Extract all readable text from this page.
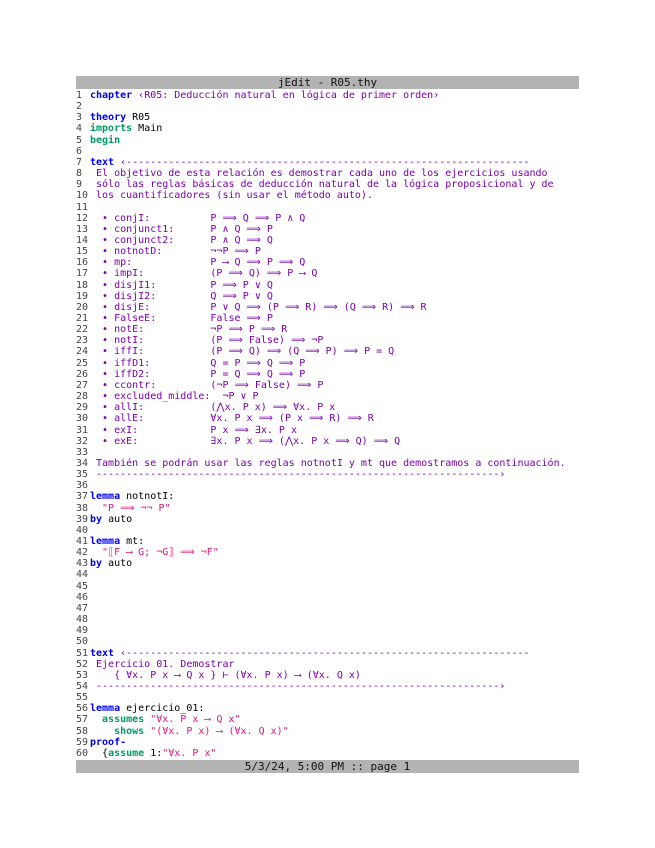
jEdit - R05.thy
1 chapter ‹R05: Deducción natural en lógica de primer orden›
2
3 theory R05
4 imports Main
5 begin
6
7 text ‹-------------------------------------------------------------------
8 El objetivo de esta relación es demostrar cada uno de los ejercicios usando
9 sólo las reglas básicas de deducción natural de la lógica proposicional y de
10 los cuantificadores (sin usar el método auto).
11
12 • conjI:          P ⟹ Q ⟹ P ∧ Q
13 • conjunct1:      P ∧ Q ⟹ P
14 • conjunct2:      P ∧ Q ⟹ Q
15 • notnotD:        ¬¬P ⟹ P
16 • mp:             P ⟶ Q ⟹ P ⟹ Q
17 • impI:           (P ⟹ Q) ⟹ P ⟶ Q
18 • disjI1:         P ⟹ P ∨ Q
19 • disjI2:         Q ⟹ P ∨ Q
20 • disjE:          P ∨ Q ⟹ (P ⟹ R) ⟹ (Q ⟹ R) ⟹ R
21 • FalseE:         False ⟹ P
22 • notE:           ¬P ⟹ P ⟹ R
23 • notI:           (P ⟹ False) ⟹ ¬P
24 • iffI:           (P ⟹ Q) ⟹ (Q ⟹ P) ⟹ P = Q
25 • iffD1:          Q = P ⟹ Q ⟹ P
26 • iffD2:          P = Q ⟹ Q ⟹ P
27 • ccontr:         (¬P ⟹ False) ⟹ P
28 • excluded_middle:  ¬P ∨ P
29 • allI:           (⋀x. P x) ⟹ ∀x. P x
30 • allE:           ∀x. P x ⟹ (P x ⟹ R) ⟹ R
31 • exI:            P x ⟹ ∃x. P x
32 • exE:            ∃x. P x ⟹ (⋀x. P x ⟹ Q) ⟹ Q
33
34 También se podrán usar las reglas notnotI y mt que demostramos a continuación.
35 -------------------------------------------------------------------›
36
37 lemma notnotI:
38 "P ⟹ ¬¬ P"
39 by auto
40
41 lemma mt:
42 "⟦F ⟶ G; ¬G⟧ ⟹ ¬F"
43 by auto
44
45
46
47
48
49
50
51 text ‹-------------------------------------------------------------------
52 Ejercicio 01. Demostrar
53 { ∀x. P x ⟶ Q x } ⊢ (∀x. P x) ⟶ (∀x. Q x)
54 -------------------------------------------------------------------›
55
56 lemma ejercicio_01:
57 assumes "∀x. P x ⟶ Q x"
58 shows "(∀x. P x) ⟶ (∀x. Q x)"
59 proof-
60 {assume 1:"∀x. P x"
5/3/24, 5:00 PM :: page 1
